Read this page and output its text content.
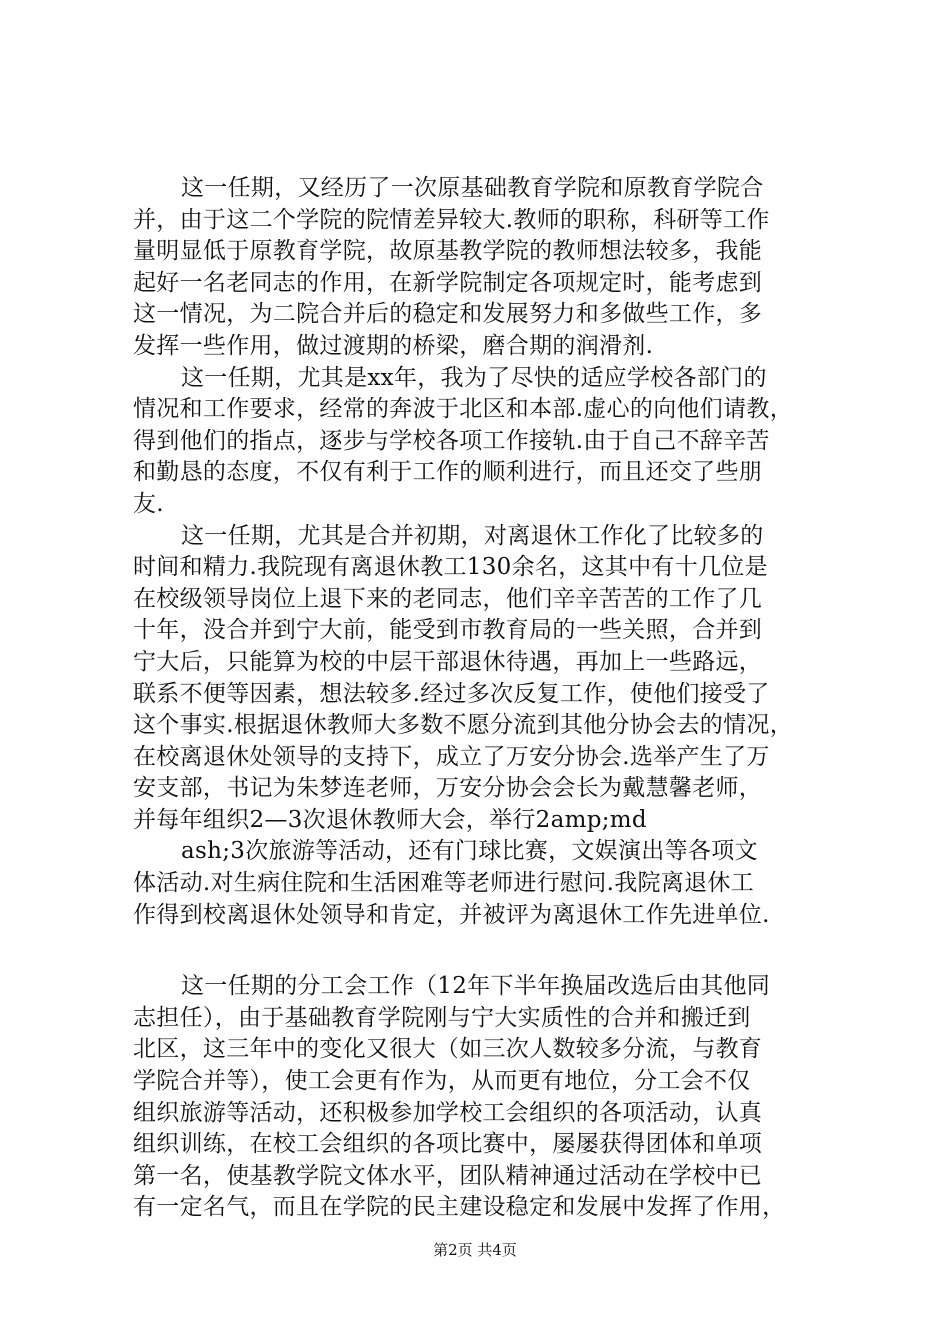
这一任期，又经历了一次原基础教育学院和原教育学院合
并，由于这二个学院的院情差异较大.教师的职称，科研等工作
量明显低于原教育学院，故原基教学院的教师想法较多，我能
起好一名老同志的作用，在新学院制定各项规定时，能考虑到
这一情况，为二院合并后的稳定和发展努力和多做些工作，多
发挥一些作用，做过渡期的桥梁，磨合期的润滑剂.
这一任期，尤其是xx年，我为了尽快的适应学校各部门的
情况和工作要求，经常的奔波于北区和本部.虚心的向他们请教，
得到他们的指点，逐步与学校各项工作接轨.由于自己不辞辛苦
和勤恳的态度，不仅有利于工作的顺利进行，而且还交了些朋
友.
这一任期，尤其是合并初期，对离退休工作化了比较多的
时间和精力.我院现有离退休教工130余名，这其中有十几位是
在校级领导岗位上退下来的老同志，他们辛辛苦苦的工作了几
十年，没合并到宁大前，能受到市教育局的一些关照，合并到
宁大后，只能算为校的中层干部退休待遇，再加上一些路远，
联系不便等因素，想法较多.经过多次反复工作，使他们接受了
这个事实.根据退休教师大多数不愿分流到其他分协会去的情况，
在校离退休处领导的支持下，成立了万安分协会.选举产生了万
安支部，书记为朱梦连老师，万安分协会会长为戴慧馨老师，
并每年组织2—3次退休教师大会，举行2amp;md
ash;3次旅游等活动，还有门球比赛，文娱演出等各项文
体活动.对生病住院和生活困难等老师进行慰问.我院离退休工
作得到校离退休处领导和肯定，并被评为离退休工作先进单位.
这一任期的分工会工作（12年下半年换届改选后由其他同
志担任），由于基础教育学院刚与宁大实质性的合并和搬迁到
北区，这三年中的变化又很大（如三次人数较多分流，与教育
学院合并等），使工会更有作为，从而更有地位，分工会不仅
组织旅游等活动，还积极参加学校工会组织的各项活动，认真
组织训练，在校工会组织的各项比赛中，屡屡获得团体和单项
第一名，使基教学院文体水平，团队精神通过活动在学校中已
有一定名气，而且在学院的民主建设稳定和发展中发挥了作用，
第2页 共4页
